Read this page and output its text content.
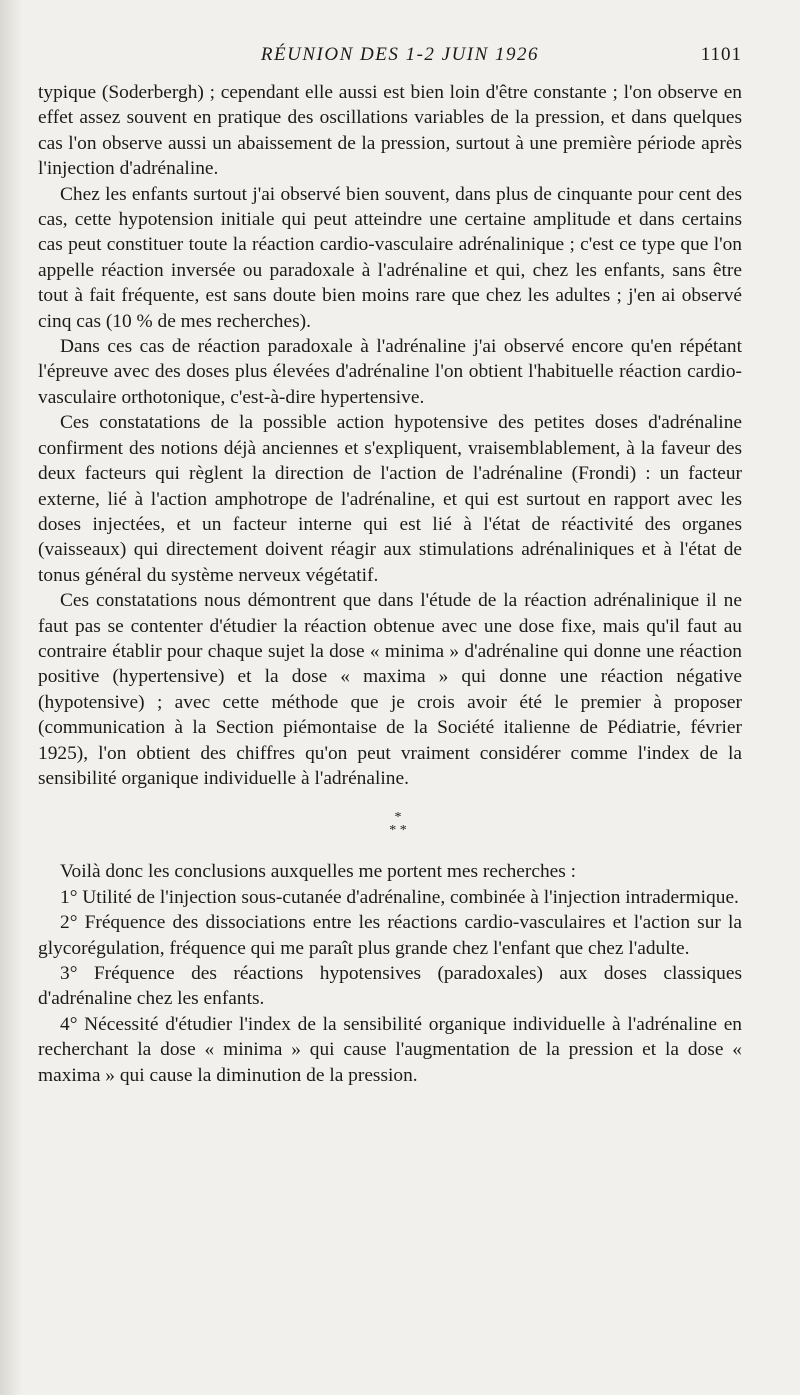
RÉUNION DES 1-2 JUIN 1926	1101

typique (Soderbergh) ; cependant elle aussi est bien loin d'être constante ; l'on observe en effet assez souvent en pratique des oscillations variables de la pression, et dans quelques cas l'on observe aussi un abaissement de la pression, surtout à une première période après l'injection d'adrénaline.

Chez les enfants surtout j'ai observé bien souvent, dans plus de cinquante pour cent des cas, cette hypotension initiale qui peut atteindre une certaine amplitude et dans certains cas peut constituer toute la réaction cardio-vasculaire adrénalinique ; c'est ce type que l'on appelle réaction inversée ou paradoxale à l'adrénaline et qui, chez les enfants, sans être tout à fait fréquente, est sans doute bien moins rare que chez les adultes ; j'en ai observé cinq cas (10 % de mes recherches).

Dans ces cas de réaction paradoxale à l'adrénaline j'ai observé encore qu'en répétant l'épreuve avec des doses plus élevées d'adrénaline l'on obtient l'habituelle réaction cardio-vasculaire orthotonique, c'est-à-dire hypertensive.

Ces constatations de la possible action hypotensive des petites doses d'adrénaline confirment des notions déjà anciennes et s'expliquent, vraisemblablement, à la faveur des deux facteurs qui règlent la direction de l'action de l'adrénaline (Frondi) : un facteur externe, lié à l'action amphotrope de l'adrénaline, et qui est surtout en rapport avec les doses injectées, et un facteur interne qui est lié à l'état de réactivité des organes (vaisseaux) qui directement doivent réagir aux stimulations adrénaliniques et à l'état de tonus général du système nerveux végétatif.

Ces constatations nous démontrent que dans l'étude de la réaction adrénalinique il ne faut pas se contenter d'étudier la réaction obtenue avec une dose fixe, mais qu'il faut au contraire établir pour chaque sujet la dose « minima » d'adrénaline qui donne une réaction positive (hypertensive) et la dose « maxima » qui donne une réaction négative (hypotensive) ; avec cette méthode que je crois avoir été le premier à proposer (communication à la Section piémontaise de la Société italienne de Pédiatrie, février 1925), l'on obtient des chiffres qu'on peut vraiment considérer comme l'index de la sensibilité organique individuelle à l'adrénaline.

*
* *

Voilà donc les conclusions auxquelles me portent mes recherches :

1° Utilité de l'injection sous-cutanée d'adrénaline, combinée à l'injection intradermique.

2° Fréquence des dissociations entre les réactions cardio-vasculaires et l'action sur la glycorégulation, fréquence qui me paraît plus grande chez l'enfant que chez l'adulte.

3° Fréquence des réactions hypotensives (paradoxales) aux doses classiques d'adrénaline chez les enfants.

4° Nécessité d'étudier l'index de la sensibilité organique individuelle à l'adrénaline en recherchant la dose « minima » qui cause l'augmentation de la pression et la dose « maxima » qui cause la diminution de la pression.
